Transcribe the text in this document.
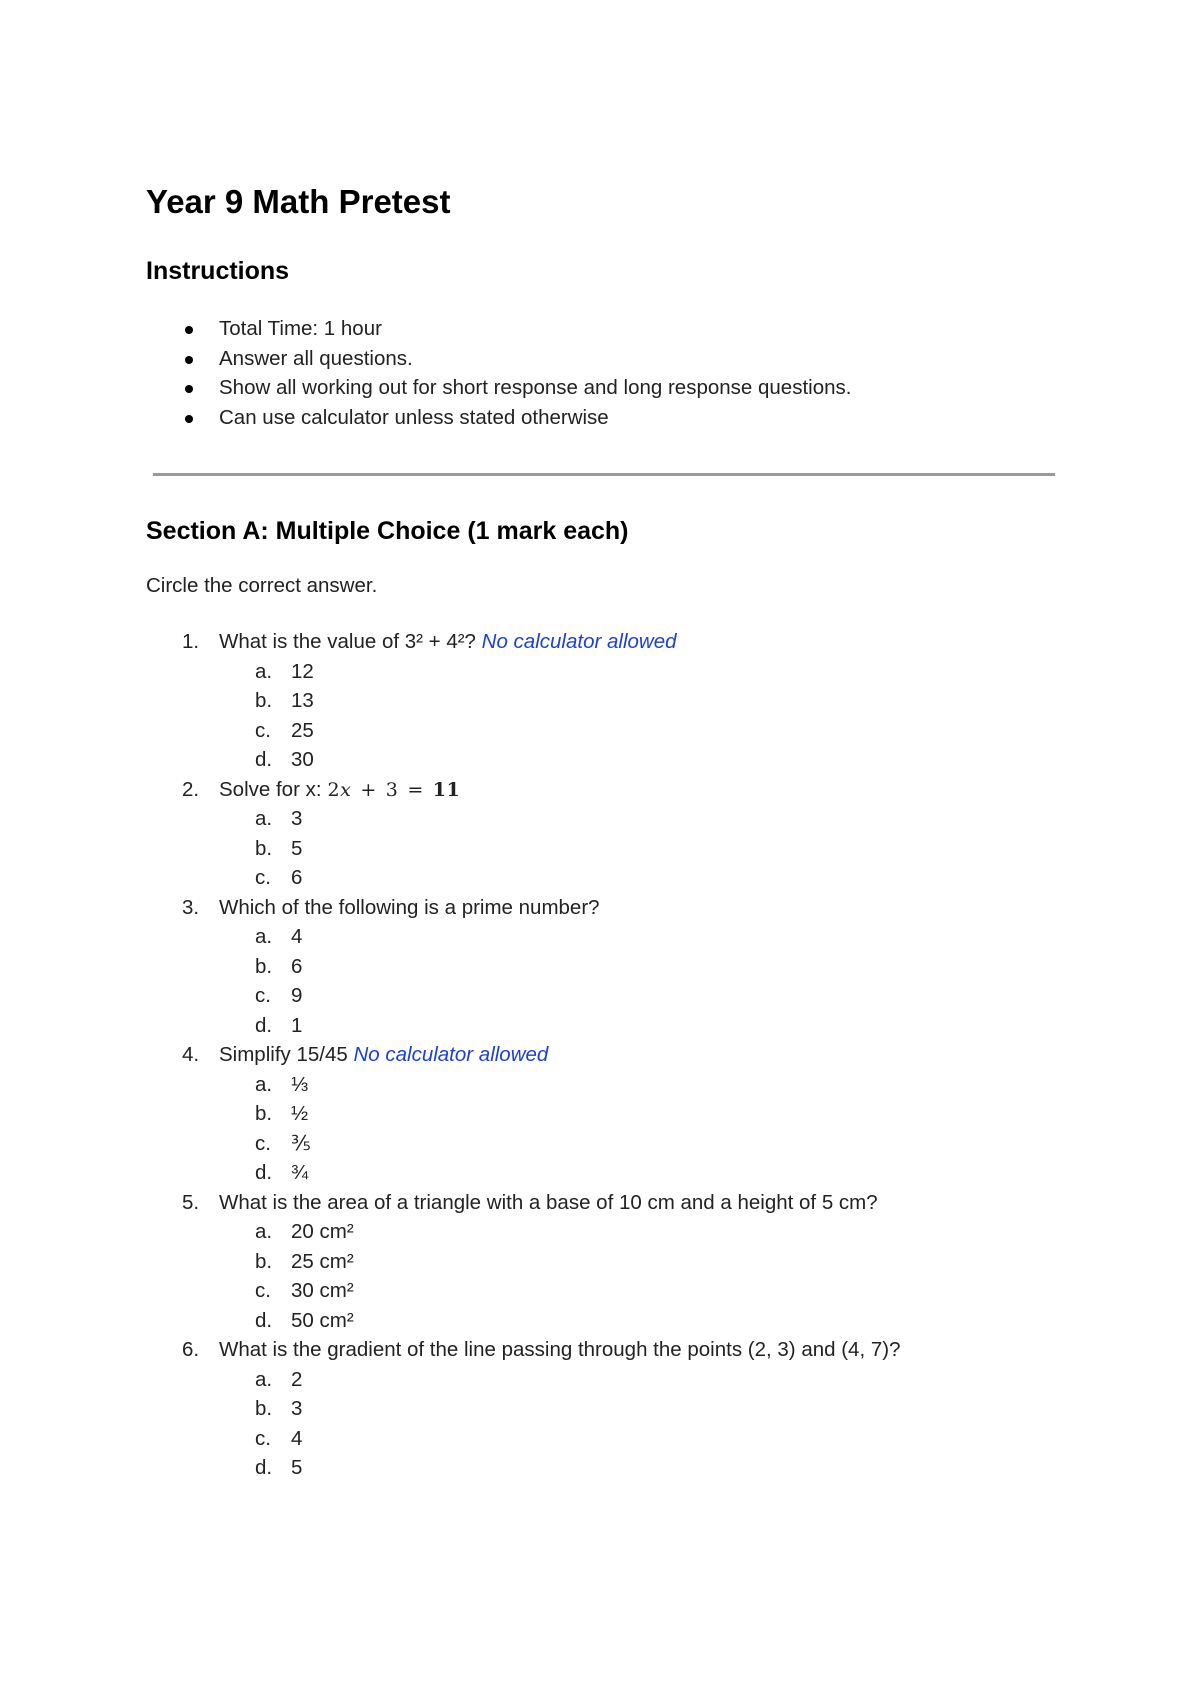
Year 9 Math Pretest
Instructions
Total Time: 1 hour
Answer all questions.
Show all working out for short response and long response questions.
Can use calculator unless stated otherwise
Section A: Multiple Choice (1 mark each)

Circle the correct answer.

1. What is the value of 3² + 4²? No calculator allowed
a. 12
b. 13
c. 25
d. 30
2. Solve for x: 2x + 3 = 11
a. 3
b. 5
c. 6
3. Which of the following is a prime number?
a. 4
b. 6
c. 9
d. 1
4. Simplify 15/45 No calculator allowed
a. ⅓
b. ½
c. ⅗
d. ¾
5. What is the area of a triangle with a base of 10 cm and a height of 5 cm?
a. 20 cm²
b. 25 cm²
c. 30 cm²
d. 50 cm²
6. What is the gradient of the line passing through the points (2, 3) and (4, 7)?
a. 2
b. 3
c. 4
d. 5
